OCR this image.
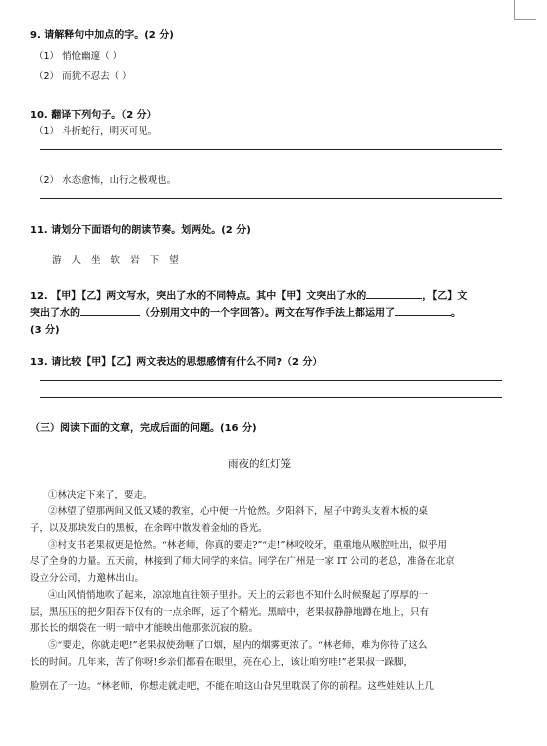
9. 请解释句中加点的字。(2 分)
（1） 悄怆幽邃（ ）
（2） 而犹不忍去（ ）
10. 翻译下列句子。（2 分）
（1） 斗折蛇行，明灭可见。
（2） 水态愈怖，山行之极观也。
11. 请划分下面语句的朗读节奏。划两处。(2 分)
游 人 坐 软 岩 下 望
12. 【甲】【乙】两文写水，突出了水的不同特点。其中【甲】文突出了水的	，【乙】文
突出了水的	（分别用文中的一个字回答）。两文在写作手法上都运用了	。
(3 分)
13. 请比较【甲】【乙】两文表达的思想感情有什么不同?（2 分）
（三）阅读下面的文章，完成后面的问题。(16 分)
雨夜的红灯笼
①林决定下来了，要走。
②林望了望那两间又低又矮的教室，心中便一片怆然。夕阳斜下，屋子中跨头支着木板的桌
子，以及那块发白的黑板，在余晖中散发着金灿的昏光。
③村支书老果叔更是怆然。“林老师，你真的要走?”“走!”林咬咬牙，重重地从喉腔吐出，似乎用
尽了全身的力量。五天前，林接到了师大同学的来信。同学在广州是一家 IT 公司的老总，准备在北京
设立分公司，力邀林出山。
④山风悄悄地吹了起来，凉凉地直往领子里扑。天上的云彩也不知什么时候聚起了厚厚的一
层，黑压压的把夕阳吞下仅有的一点余晖，远了个精光。黑暗中，老果叔静静地蹲在地上，只有
那长长的烟袋在一明一暗中才能映出他那张沉寂的脸。
⑤“要走，你就走吧!”老果叔使劲咂了口烟，屋内的烟雾更浓了。“林老师，难为你待了这么
长的时间。几年来，苦了你呀!乡亲们都看在眼里，亮在心上，该让咱穷哇!”老果叔一跺脚，
脸别在了一边。“林老师，你想走就走吧，不能在咱这山旮旯里耽误了你的前程。这些娃娃认上几
